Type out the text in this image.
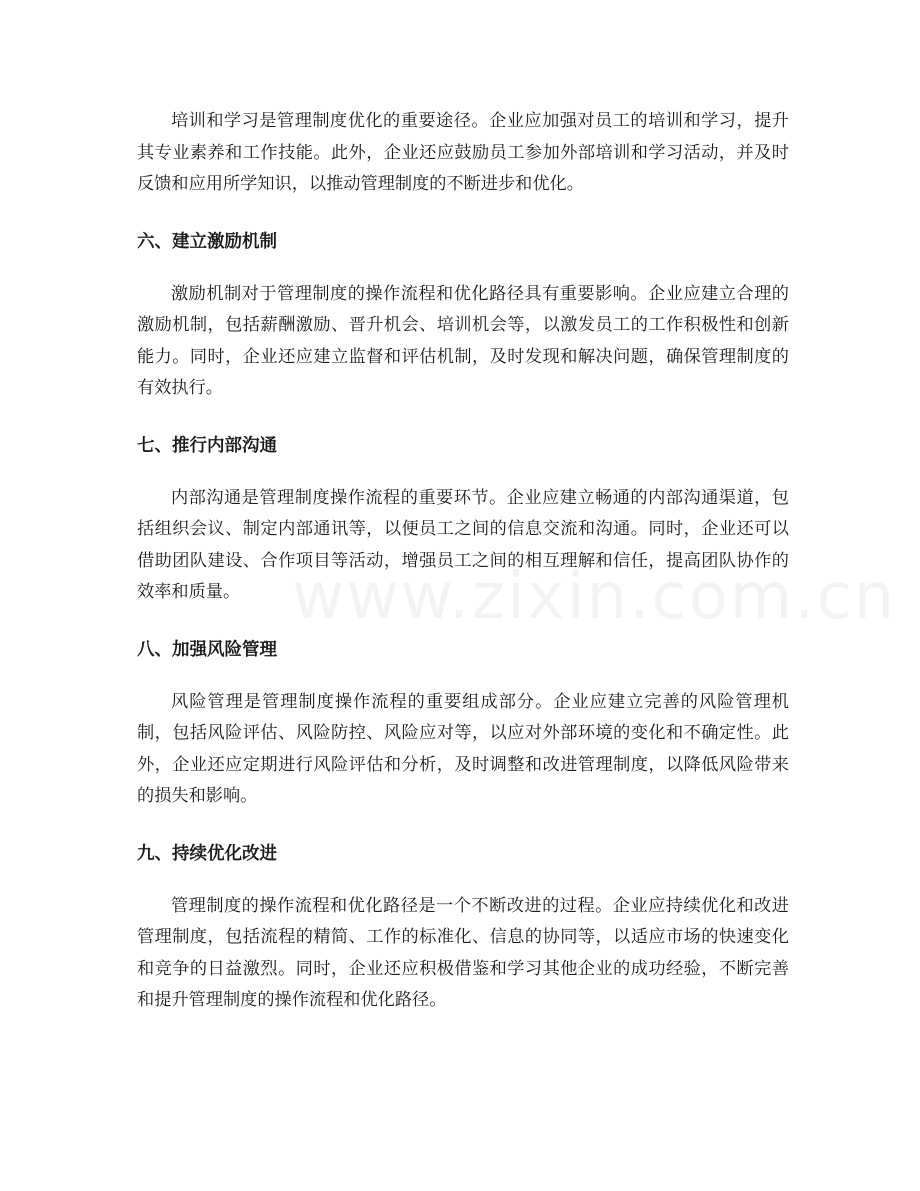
培训和学习是管理制度优化的重要途径。企业应加强对员工的培训和学习，提升其专业素养和工作技能。此外，企业还应鼓励员工参加外部培训和学习活动，并及时反馈和应用所学知识，以推动管理制度的不断进步和优化。

六、建立激励机制

激励机制对于管理制度的操作流程和优化路径具有重要影响。企业应建立合理的激励机制，包括薪酬激励、晋升机会、培训机会等，以激发员工的工作积极性和创新能力。同时，企业还应建立监督和评估机制，及时发现和解决问题，确保管理制度的有效执行。

七、推行内部沟通

内部沟通是管理制度操作流程的重要环节。企业应建立畅通的内部沟通渠道，包括组织会议、制定内部通讯等，以便员工之间的信息交流和沟通。同时，企业还可以借助团队建设、合作项目等活动，增强员工之间的相互理解和信任，提高团队协作的效率和质量。

八、加强风险管理

风险管理是管理制度操作流程的重要组成部分。企业应建立完善的风险管理机制，包括风险评估、风险防控、风险应对等，以应对外部环境的变化和不确定性。此外，企业还应定期进行风险评估和分析，及时调整和改进管理制度，以降低风险带来的损失和影响。

九、持续优化改进

管理制度的操作流程和优化路径是一个不断改进的过程。企业应持续优化和改进管理制度，包括流程的精简、工作的标准化、信息的协同等，以适应市场的快速变化和竞争的日益激烈。同时，企业还应积极借鉴和学习其他企业的成功经验，不断完善和提升管理制度的操作流程和优化路径。
